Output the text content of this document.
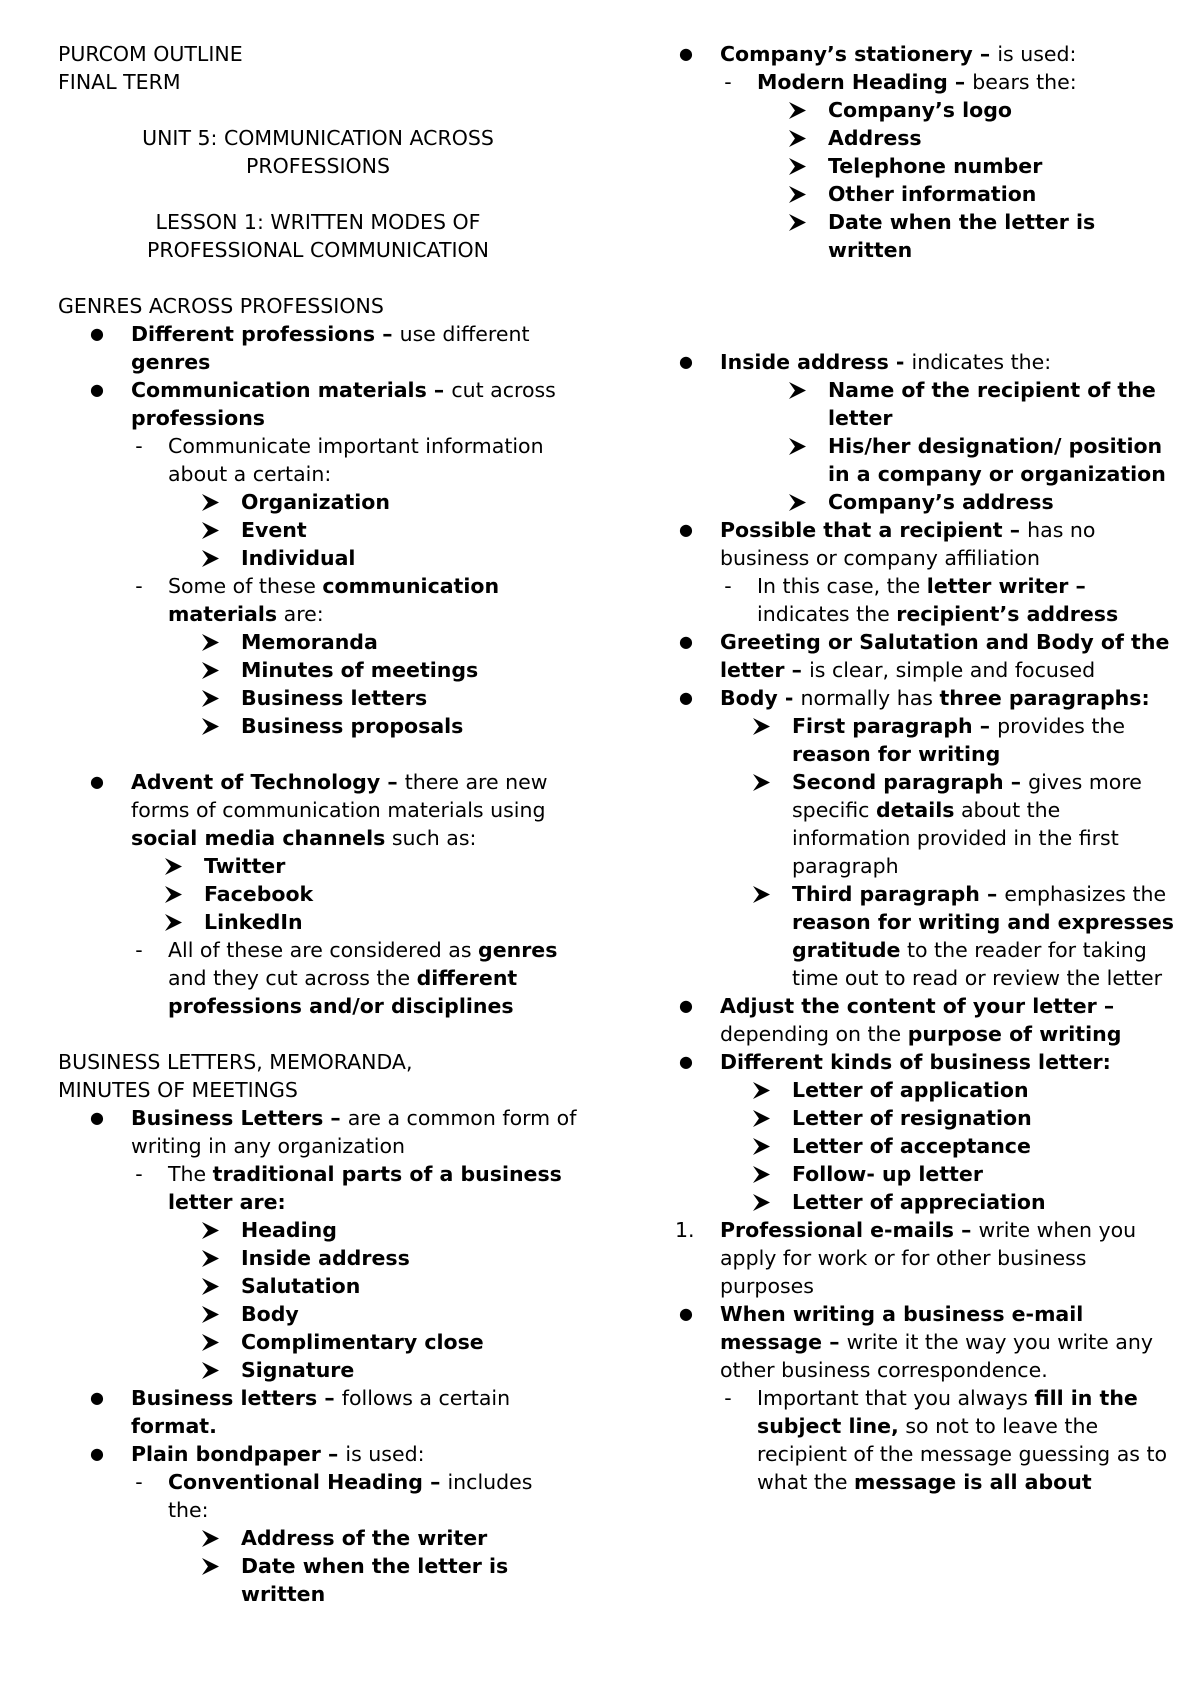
PURCOM OUTLINE
FINAL TERM
UNIT 5: COMMUNICATION ACROSS
PROFESSIONS
LESSON 1: WRITTEN MODES OF
PROFESSIONAL COMMUNICATION
GENRES ACROSS PROFESSIONS
● Different professions – use different genres
● Communication materials – cut across professions
- Communicate important information about a certain:
Organization
Event
Individual
- Some of these communication materials are:
Memoranda
Minutes of meetings
Business letters
Business proposals
● Advent of Technology – there are new forms of communication materials using social media channels such as:
Twitter
Facebook
LinkedIn
- All of these are considered as genres and they cut across the different professions and/or disciplines
BUSINESS LETTERS, MEMORANDA,
MINUTES OF MEETINGS
● Business Letters – are a common form of writing in any organization
- The traditional parts of a business letter are:
Heading
Inside address
Salutation
Body
Complimentary close
Signature
● Business letters – follows a certain format.
● Plain bondpaper – is used:
- Conventional Heading – includes the:
Address of the writer
Date when the letter is written
● Company’s stationery – is used:
- Modern Heading – bears the:
Company’s logo
Address
Telephone number
Other information
Date when the letter is written
● Inside address - indicates the:
Name of the recipient of the letter
His/her designation/ position in a company or organization
Company’s address
● Possible that a recipient – has no business or company affiliation
- In this case, the letter writer – indicates the recipient’s address
● Greeting or Salutation and Body of the letter – is clear, simple and focused
● Body - normally has three paragraphs:
First paragraph – provides the reason for writing
Second paragraph – gives more specific details about the information provided in the first paragraph
Third paragraph – emphasizes the reason for writing and expresses gratitude to the reader for taking time out to read or review the letter
● Adjust the content of your letter – depending on the purpose of writing
● Different kinds of business letter:
Letter of application
Letter of resignation
Letter of acceptance
Follow- up letter
Letter of appreciation
1.	Professional e-mails – write when you apply for work or for other business purposes
● When writing a business e-mail message – write it the way you write any other business correspondence.
- Important that you always fill in the subject line, so not to leave the recipient of the message guessing as to what the message is all about
